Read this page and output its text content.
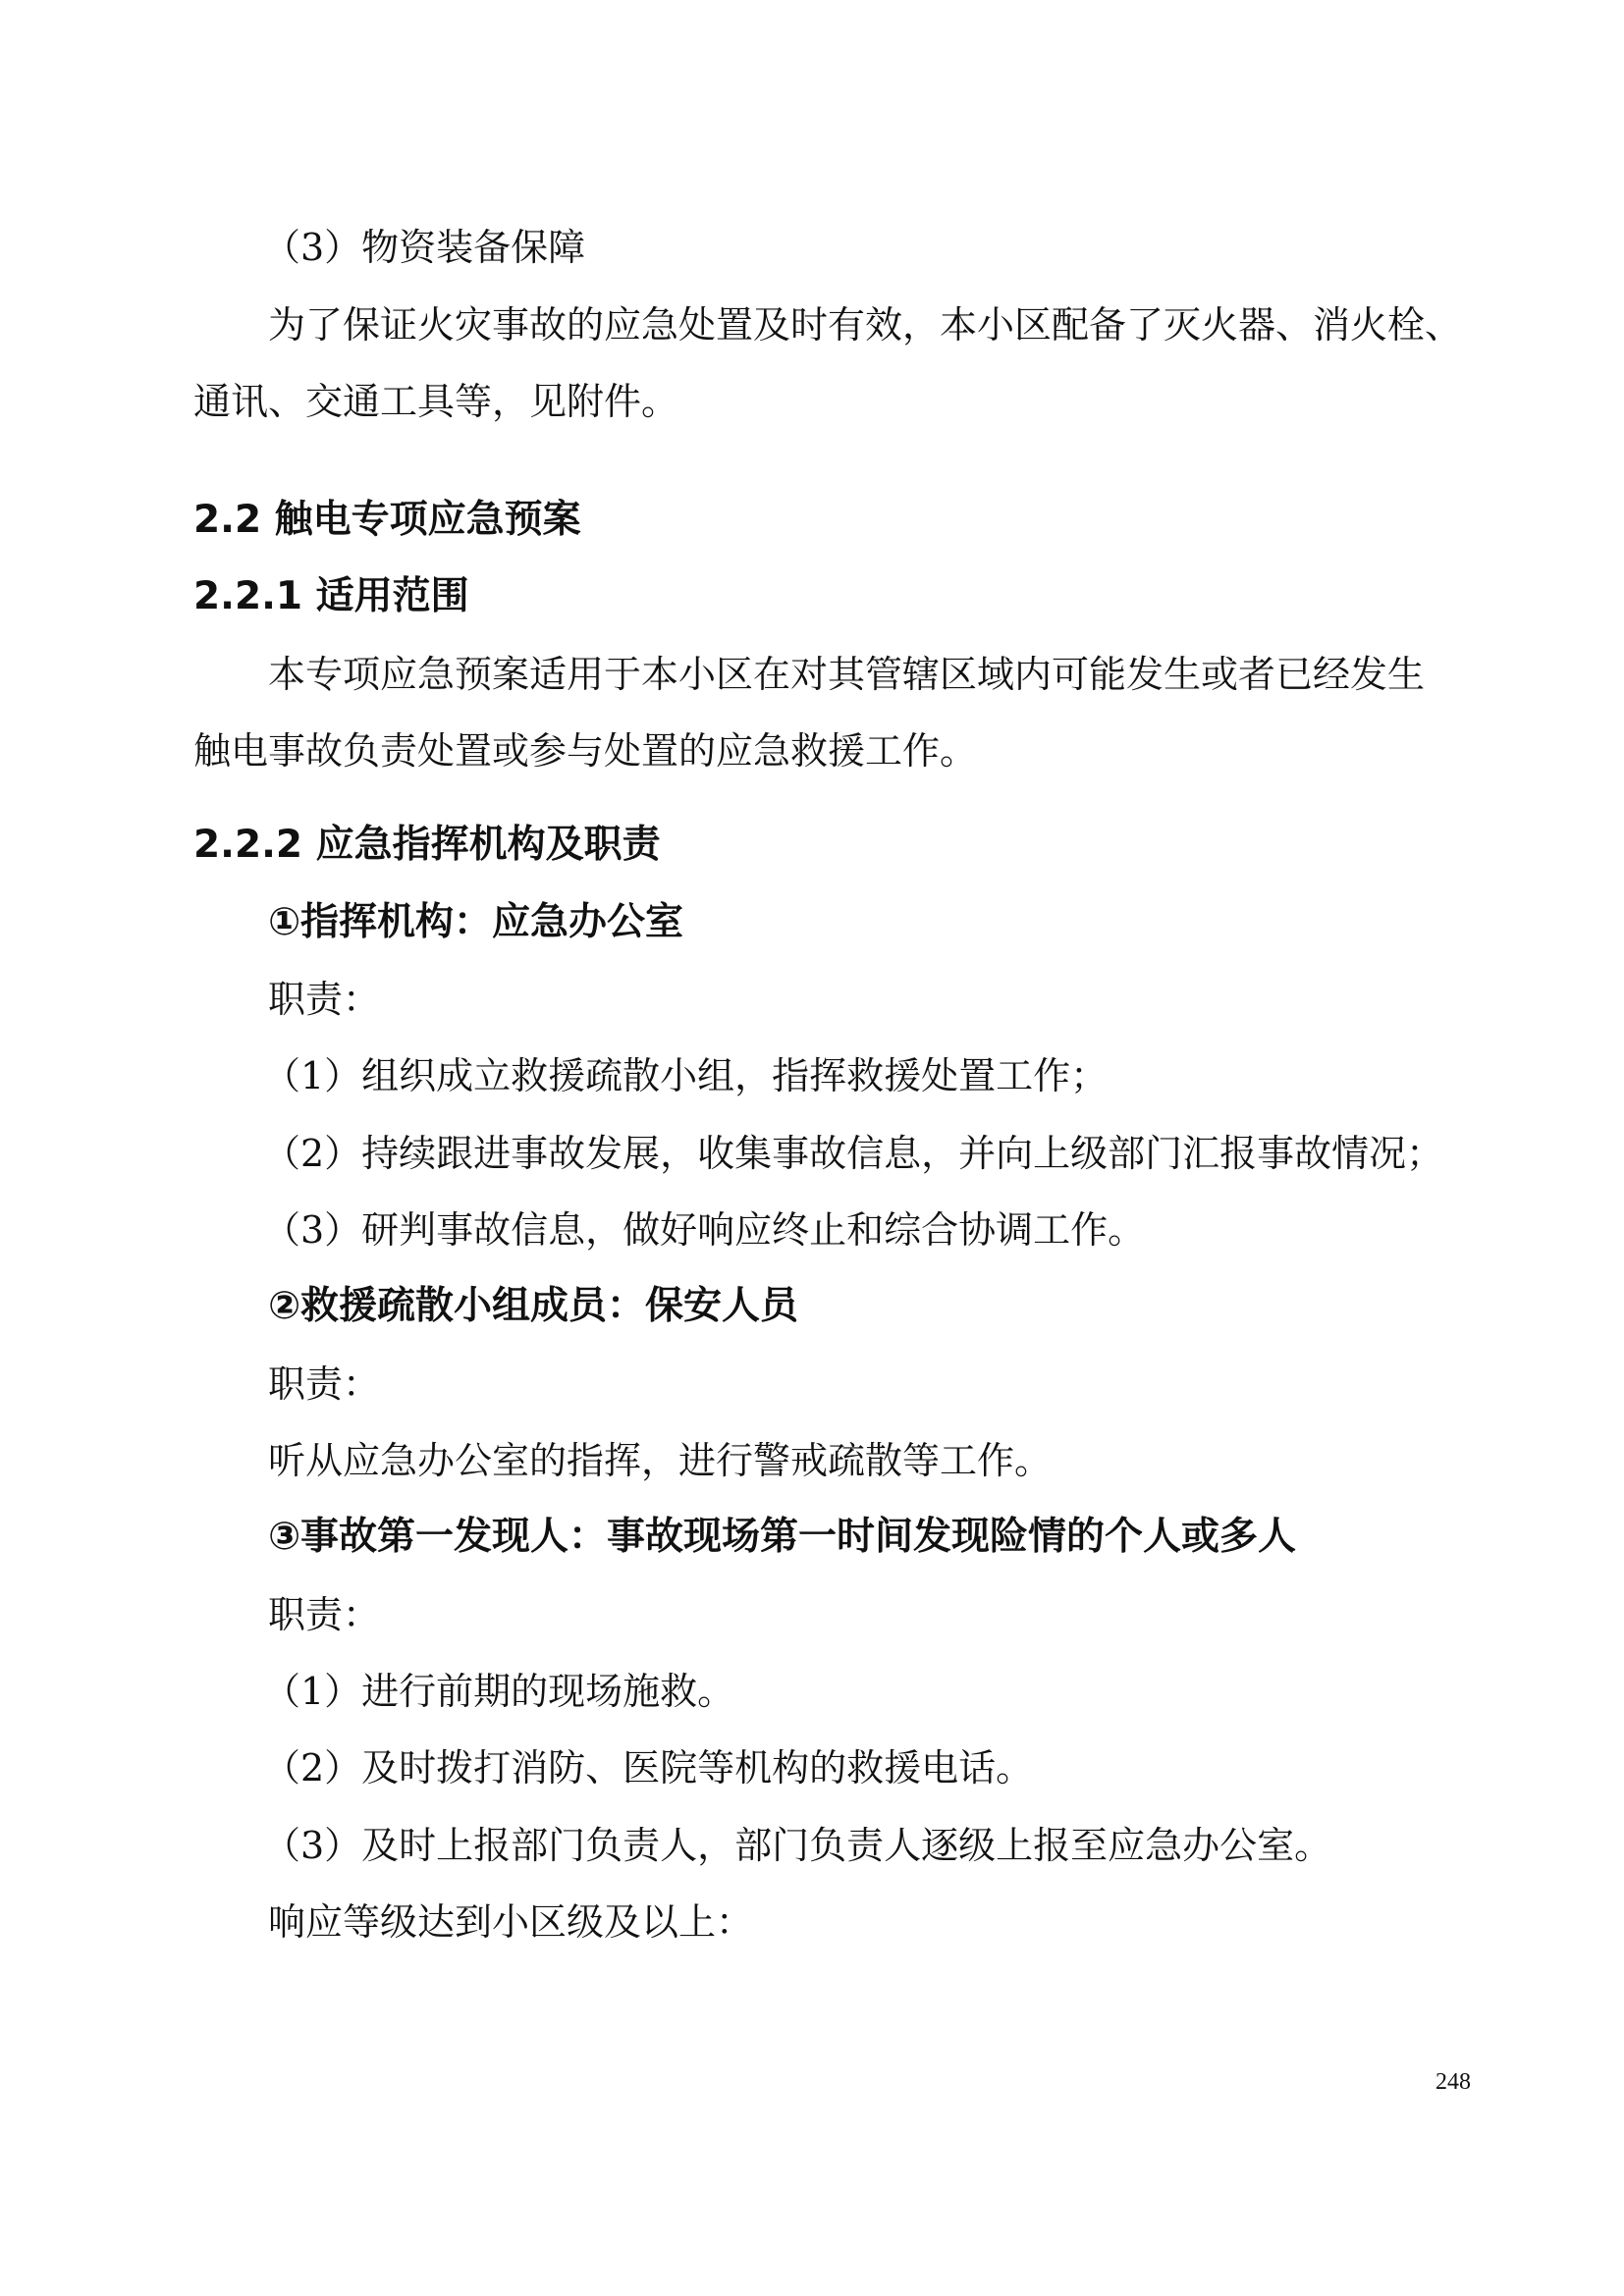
（3）物资装备保障
为了保证火灾事故的应急处置及时有效，本小区配备了灭火器、消火栓、
通讯、交通工具等，见附件。
2.2 触电专项应急预案
2.2.1 适用范围
本专项应急预案适用于本小区在对其管辖区域内可能发生或者已经发生
触电事故负责处置或参与处置的应急救援工作。
2.2.2 应急指挥机构及职责
①指挥机构：应急办公室
职责：
（1）组织成立救援疏散小组，指挥救援处置工作；
（2）持续跟进事故发展，收集事故信息，并向上级部门汇报事故情况；
（3）研判事故信息，做好响应终止和综合协调工作。
②救援疏散小组成员：保安人员
职责：
听从应急办公室的指挥，进行警戒疏散等工作。
③事故第一发现人：事故现场第一时间发现险情的个人或多人
职责：
（1）进行前期的现场施救。
（2）及时拨打消防、医院等机构的救援电话。
（3）及时上报部门负责人，部门负责人逐级上报至应急办公室。
响应等级达到小区级及以上：
248
